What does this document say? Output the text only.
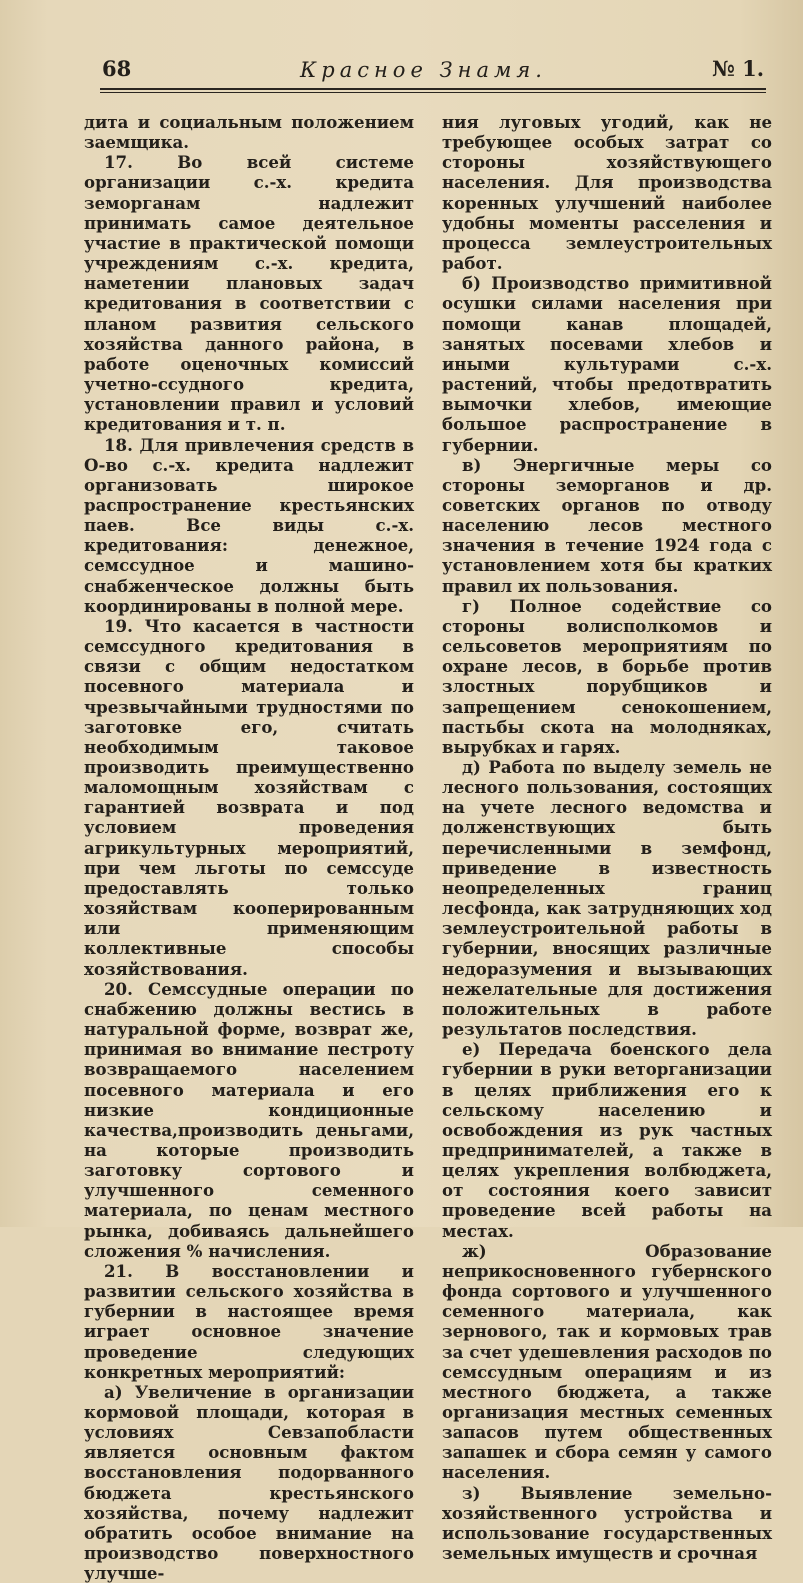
68	Красное Знамя.	№ 1.

дита и социальным положением заемщика.

17. Во всей системе организации с.-х. кредита земорганам надлежит принимать самое деятельное участие в практической помощи учреждениям с.-х. кредита, наметении плановых задач кредитования в соответствии с планом развития сельского хозяйства данного района, в работе оценочных комиссий учетно-ссудного кредита, установлении правил и условий кредитования и т. п.

18. Для привлечения средств в О-во с.-х. кредита надлежит организовать широкое распространение крестьянских паев. Все виды с.-х. кредитования: денежное, семссудное и машино-снабженческое должны быть координированы в полной мере.

19. Что касается в частности семссудного кредитования в связи с общим недостатком посевного материала и чрезвычайными трудностями по заготовке его, считать необходимым таковое производить преимущественно маломощным хозяйствам с гарантией возврата и под условием проведения агрикультурных мероприятий, при чем льготы по семссуде предоставлять только хозяйствам кооперированным или применяющим коллективные способы хозяйствования.

20. Семссудные операции по снабжению должны вестись в натуральной форме, возврат же, принимая во внимание пестроту возвращаемого населением посевного материала и его низкие кондиционные качества,производить деньгами, на которые производить заготовку сортового и улучшенного семенного материала, по ценам местного рынка, добиваясь дальнейшего сложения % начисления.

21. В восстановлении и развитии сельского хозяйства в губернии в настоящее время играет основное значение проведение следующих конкретных мероприятий:

а) Увеличение в организации кормовой площади, которая в условиях Севзапобласти является основным фактом восстановления подорванного бюджета крестьянского хозяйства, почему надлежит обратить особое внимание на производство поверхностного улучше-

ния луговых угодий, как не требующее особых затрат со стороны хозяйствующего населения. Для производства коренных улучшений наиболее удобны моменты расселения и процесса землеустроительных работ.

б) Производство примитивной осушки силами населения при помощи канав площадей, занятых посевами хлебов и иными культурами с.-х. растений, чтобы предотвратить вымочки хлебов, имеющие большое распространение в губернии.

в) Энергичные меры со стороны земорганов и др. советских органов по отводу населению лесов местного значения в течение 1924 года с установлением хотя бы кратких правил их пользования.

г) Полное содействие со стороны волисполкомов и сельсоветов мероприятиям по охране лесов, в борьбе против злостных порубщиков и запрещением сенокошением, пастьбы скота на молодняках, вырубках и гарях.

д) Работа по выделу земель не лесного пользования, состоящих на учете лесного ведомства и долженствующих быть перечисленными в земфонд, приведение в известность неопределенных границ лесфонда, как затрудняющих ход землеустроительной работы в губернии, вносящих различные недоразумения и вызывающих нежелательные для достижения положительных в работе результатов последствия.

е) Передача боенского дела губернии в руки веторганизации в целях приближения его к сельскому населению и освобождения из рук частных предпринимателей, а также в целях укрепления волбюджета, от состояния коего зависит проведение всей работы на местах.

ж) Образование неприкосновенного губернского фонда сортового и улучшенного семенного материала, как зернового, так и кормовых трав за счет удешевления расходов по семссудным операциям и из местного бюджета, а также организация местных семенных запасов путем общественных запашек и сбора семян у самого населения.

з) Выявление земельно-хозяйственного устройства и использование государственных земельных имуществ и срочная
